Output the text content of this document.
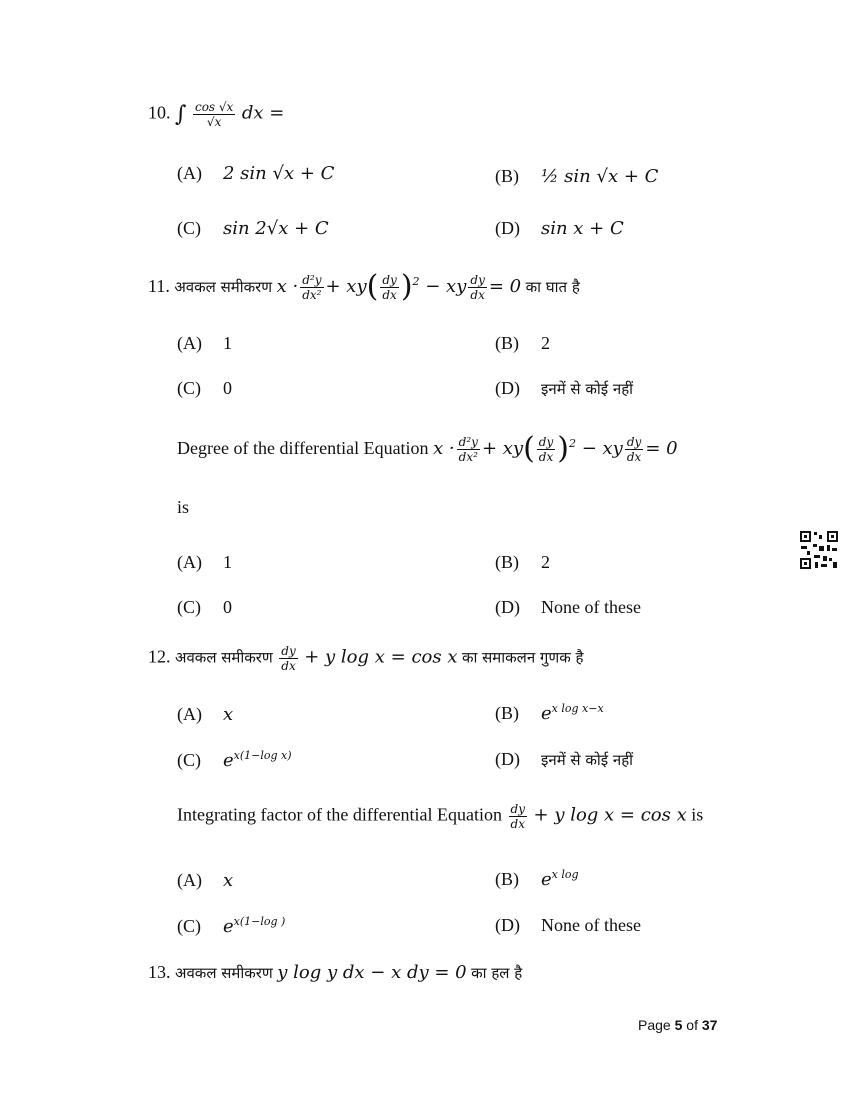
10. ∫ $\frac{\cos √x}{√x}$ dx =
(A) 2 sin √x + C	(B) ½ sin √x + C
(C) sin 2√x + C	(D) sin x + C
11. अवकल समीकरण $x \cdot \frac{\text{d²y}}{\text{dx²}} + xy( \frac{dy}{dx} )^2$ − xy $\frac{dy}{dx} = 0$ का घात है
(A) 1	(B) 2
(C) 0	(D) इनमें से कोई नहीं
Degree of the differential Equation $x \cdot \frac{\text{d²y}}{\text{dx²}} + xy( \frac{dy}{dx} )^2$ − xy $\frac{dy}{dx} = 0$
is
(A) 1	(B) 2
(C) 0	(D) None of these
12. अवकल समीकरण $\frac{dy}{dx} + y$ log x = cos x का समाकलन गुणक है
(A) x	(B) $e^{x log x-x}$
(C) $e^{x(1-log x)}$	(D) इनमें से कोई नहीं
Integrating factor of the differential Equation $\frac{dy}{dx} + y$ log x = cos x is
(A) x	(B) $e^{x log}$
(C) $e^{x(1-log )}$	(D) None of these
13. अवकल समीकरण y log y dx − x dy = 0 का हल है
Page 5 of 37
